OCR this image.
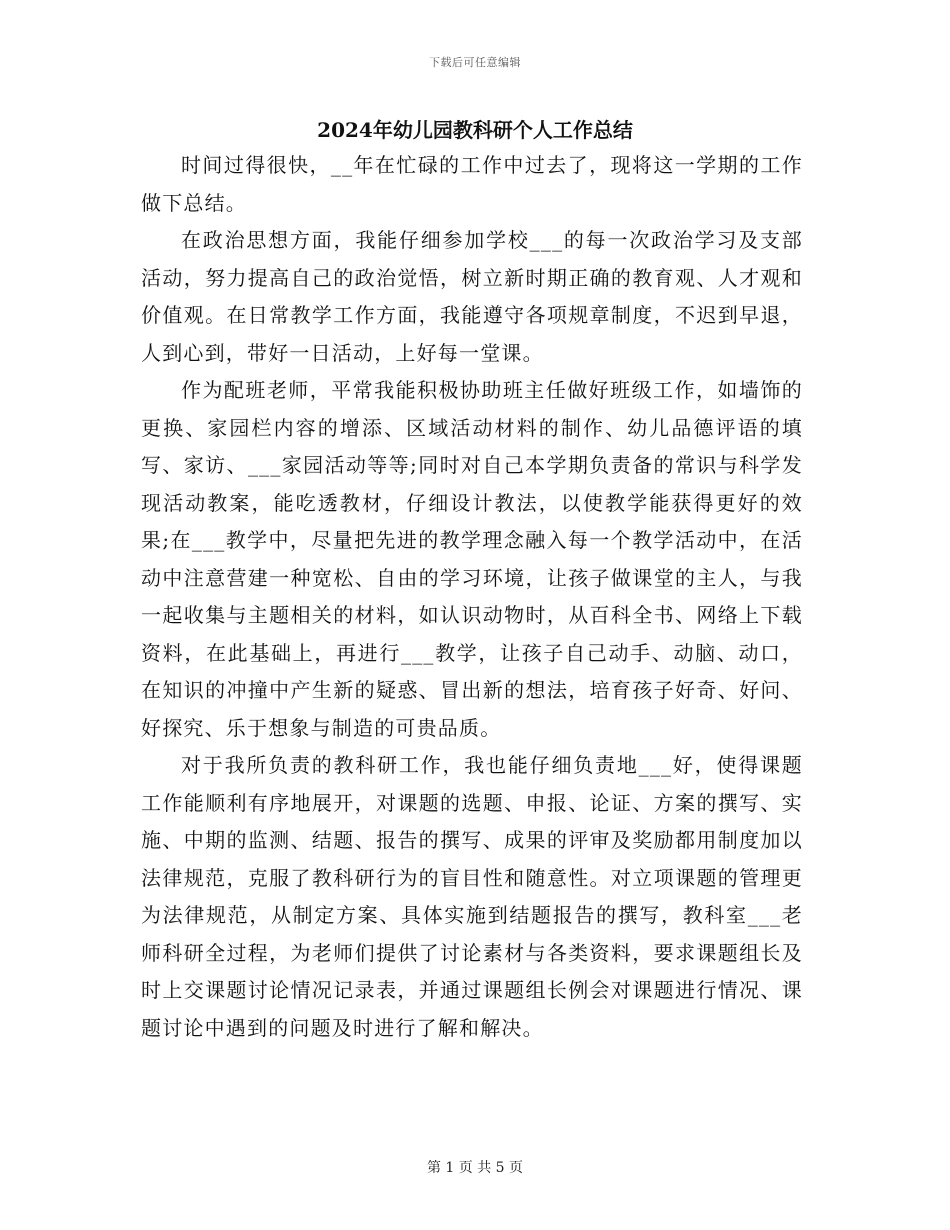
下载后可任意编辑
2024年幼儿园教科研个人工作总结

时间过得很快，__年在忙碌的工作中过去了，现将这一学期的工作做下总结。

在政治思想方面，我能仔细参加学校___的每一次政治学习及支部活动，努力提高自己的政治觉悟，树立新时期正确的教育观、人才观和价值观。在日常教学工作方面，我能遵守各项规章制度，不迟到早退，人到心到，带好一日活动，上好每一堂课。

作为配班老师，平常我能积极协助班主任做好班级工作，如墙饰的更换、家园栏内容的增添、区域活动材料的制作、幼儿品德评语的填写、家访、___家园活动等等;同时对自己本学期负责备的常识与科学发现活动教案，能吃透教材，仔细设计教法，以使教学能获得更好的效果;在___教学中，尽量把先进的教学理念融入每一个教学活动中，在活动中注意营建一种宽松、自由的学习环境，让孩子做课堂的主人，与我一起收集与主题相关的材料，如认识动物时，从百科全书、网络上下载资料，在此基础上，再进行___教学，让孩子自己动手、动脑、动口，在知识的冲撞中产生新的疑惑、冒出新的想法，培育孩子好奇、好问、好探究、乐于想象与制造的可贵品质。

对于我所负责的教科研工作，我也能仔细负责地___好，使得课题工作能顺利有序地展开，对课题的选题、申报、论证、方案的撰写、实施、中期的监测、结题、报告的撰写、成果的评审及奖励都用制度加以法律规范，克服了教科研行为的盲目性和随意性。对立项课题的管理更为法律规范，从制定方案、具体实施到结题报告的撰写，教科室___老师科研全过程，为老师们提供了讨论素材与各类资料，要求课题组长及时上交课题讨论情况记录表，并通过课题组长例会对课题进行情况、课题讨论中遇到的问题及时进行了解和解决。

第 1 页 共 5 页
